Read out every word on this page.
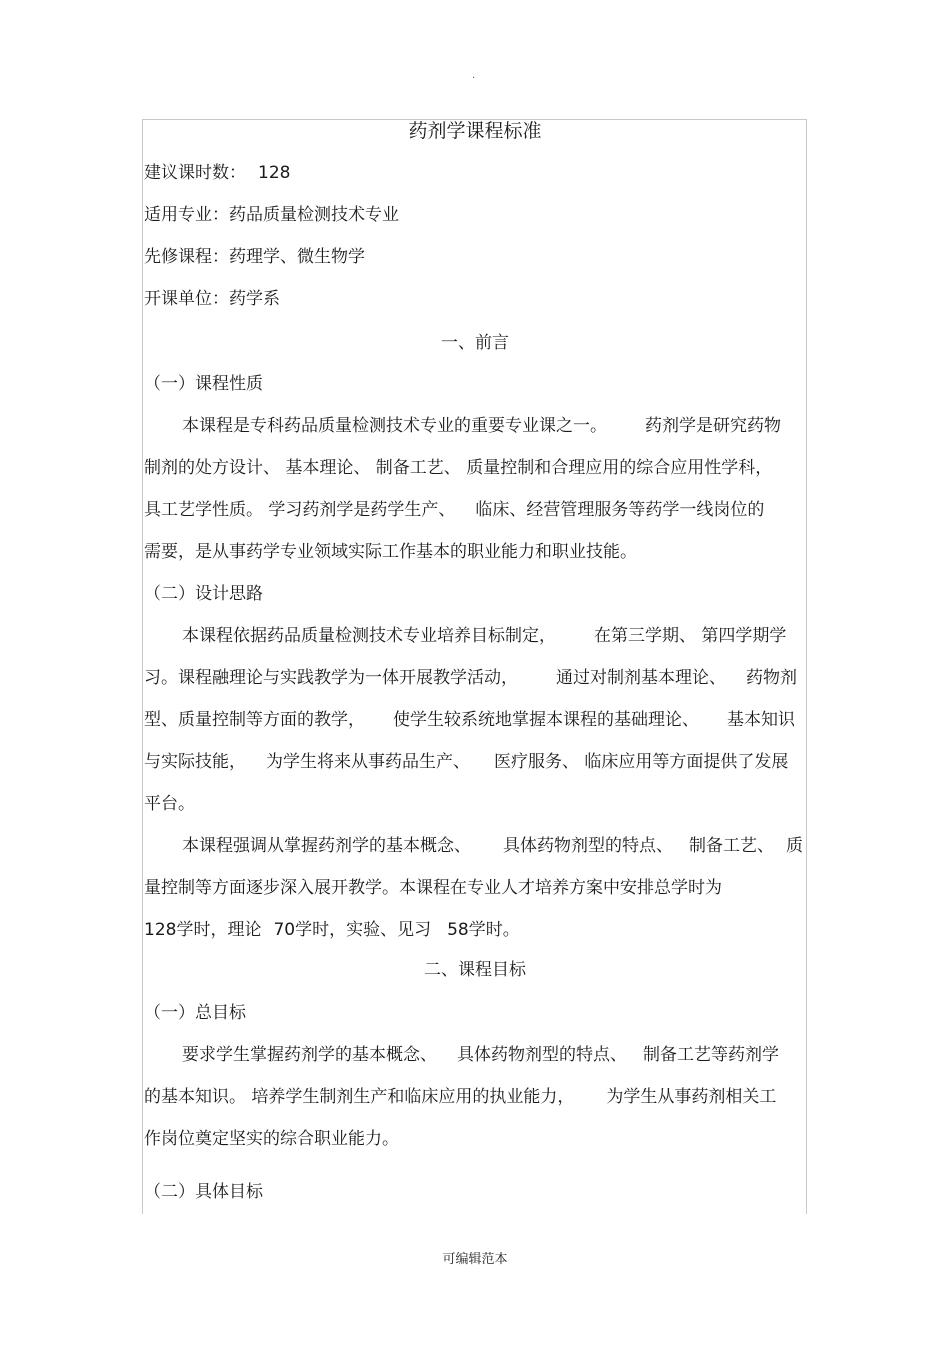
.
药剂学课程标准
建议课时数： 128
适用专业：药品质量检测技术专业
先修课程：药理学、微生物学
开课单位：药学系
一、前言
（一）课程性质
本课程是专科药品质量检测技术专业的重要专业课之一。 药剂学是研究药物
制剂的处方设计、 基本理论、 制备工艺、 质量控制和合理应用的综合应用性学科，
具工艺学性质。 学习药剂学是药学生产、 临床、经营管理服务等药学一线岗位的
需要，是从事药学专业领域实际工作基本的职业能力和职业技能。
（二）设计思路
本课程依据药品质量检测技术专业培养目标制定， 在第三学期、 第四学期学
习。课程融理论与实践教学为一体开展教学活动， 通过对制剂基本理论、 药物剂
型、质量控制等方面的教学， 使学生较系统地掌握本课程的基础理论、 基本知识
与实际技能， 为学生将来从事药品生产、 医疗服务、 临床应用等方面提供了发展
平台。
本课程强调从掌握药剂学的基本概念、 具体药物剂型的特点、 制备工艺、 质
量控制等方面逐步深入展开教学。本课程在专业人才培养方案中安排总学时为
128学时，理论 70学时，实验、见习 58学时。
二、课程目标
（一）总目标
要求学生掌握药剂学的基本概念、 具体药物剂型的特点、 制备工艺等药剂学
的基本知识。 培养学生制剂生产和临床应用的执业能力， 为学生从事药剂相关工
作岗位奠定坚实的综合职业能力。
（二）具体目标
可编辑范本
